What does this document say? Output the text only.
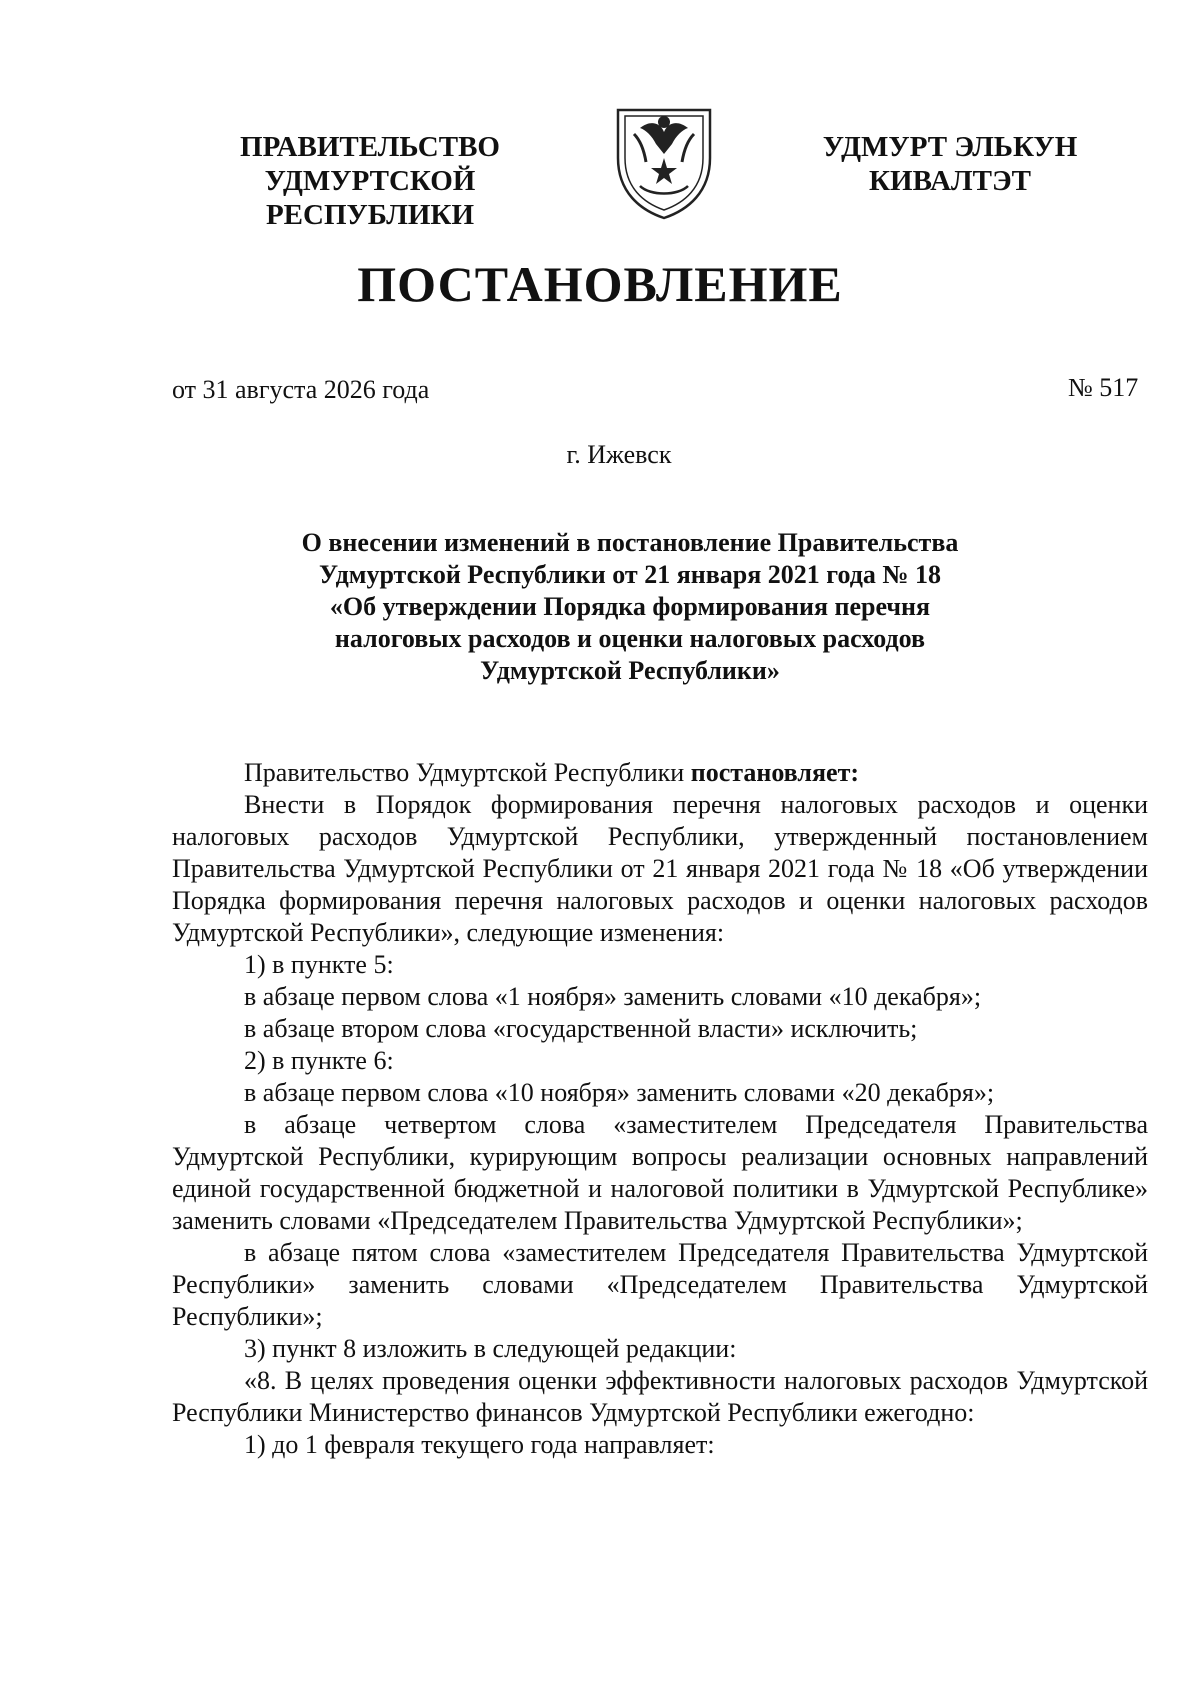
ПРАВИТЕЛЬСТВО
УДМУРТСКОЙ РЕСПУБЛИКИ
УДМУРТ ЭЛЬКУН
КИВАЛТЭТ
ПОСТАНОВЛЕНИЕ
от 31 августа 2026 года	№ 517
г. Ижевск
О внесении изменений в постановление Правительства
Удмуртской Республики от 21 января 2021 года № 18
«Об утверждении Порядка формирования перечня
налоговых расходов и оценки налоговых расходов
Удмуртской Республики»

Правительство Удмуртской Республики постановляет:

Внести в Порядок формирования перечня налоговых расходов и оценки налоговых расходов Удмуртской Республики, утвержденный постановлением Правительства Удмуртской Республики от 21 января 2021 года № 18 «Об утверждении Порядка формирования перечня налоговых расходов и оценки налоговых расходов Удмуртской Республики», следующие изменения:

1) в пункте 5:

в абзаце первом слова «1 ноября» заменить словами «10 декабря»;

в абзаце втором слова «государственной власти» исключить;

2) в пункте 6:

в абзаце первом слова «10 ноября» заменить словами «20 декабря»;

в абзаце четвертом слова «заместителем Председателя Правительства Удмуртской Республики, курирующим вопросы реализации основных направлений единой государственной бюджетной и налоговой политики в Удмуртской Республике» заменить словами «Председателем Правительства Удмуртской Республики»;

в абзаце пятом слова «заместителем Председателя Правительства Удмуртской Республики» заменить словами «Председателем Правительства Удмуртской Республики»;

3) пункт 8 изложить в следующей редакции:

«8. В целях проведения оценки эффективности налоговых расходов Удмуртской Республики Министерство финансов Удмуртской Республики ежегодно:

1) до 1 февраля текущего года направляет:
